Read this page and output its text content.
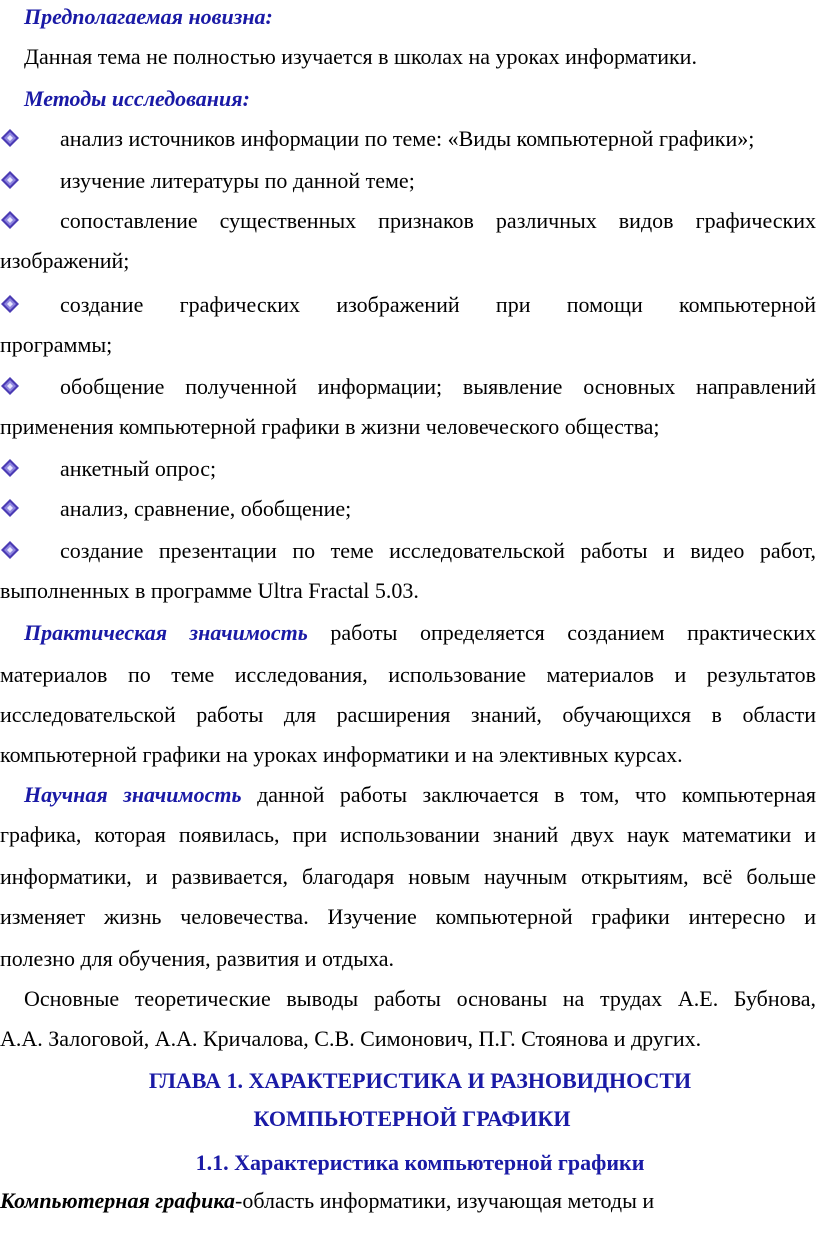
Предполагаемая новизна:
Данная тема не полностью изучается в школах на уроках информатики.
Методы исследования:
анализ источников информации по теме: «Виды компьютерной графики»;
изучение литературы по данной теме;
сопоставление существенных признаков различных видов графических
изображений;
создание графических изображений при помощи компьютерной
программы;
обобщение полученной информации; выявление основных направлений
применения компьютерной графики в жизни человеческого общества;
анкетный опрос;
анализ, сравнение, обобщение;
создание презентации по теме исследовательской работы и видео работ,
выполненных в программе Ultra Fractal 5.03.
Практическая значимость работы определяется созданием практических
материалов по теме исследования, использование материалов и результатов
исследовательской работы для расширения знаний, обучающихся в области
компьютерной графики на уроках информатики и на элективных курсах.
Научная значимость данной работы заключается в том, что компьютерная
графика, которая появилась, при использовании знаний двух наук математики и
информатики, и развивается, благодаря новым научным открытиям, всё больше
изменяет жизнь человечества. Изучение компьютерной графики интересно и
полезно для обучения, развития и отдыха.
Основные теоретические выводы работы основаны на трудах А.Е. Бубнова,
А.А. Залоговой, А.А. Кричалова, С.В. Симонович, П.Г. Стоянова и других.
ГЛАВА 1. ХАРАКТЕРИСТИКА И РАЗНОВИДНОСТИ
КОМПЬЮТЕРНОЙ ГРАФИКИ
1.1. Характеристика компьютерной графики
Компьютерная графика-область информатики, изучающая методы и
